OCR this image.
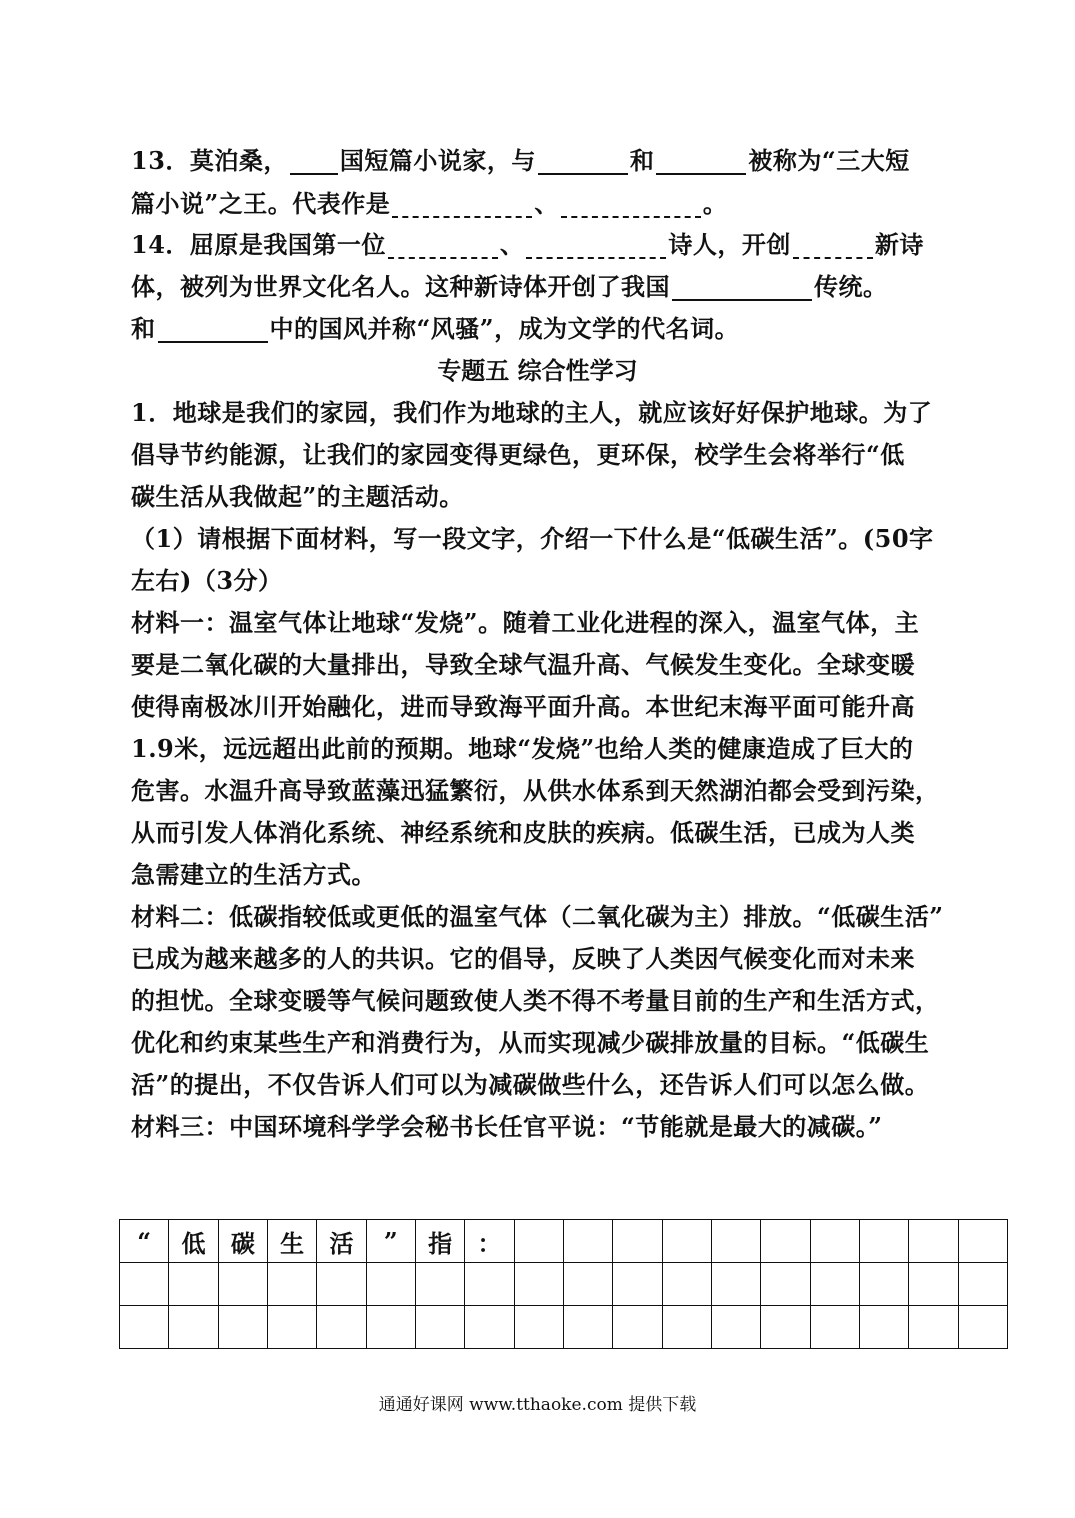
13．莫泊桑， 国短篇小说家，与	和	被称为“三大短
篇小说”之王。代表作是	、	。
14．屈原是我国第一位	、	诗人，开创	新诗
体，被列为世界文化名人。这种新诗体开创了我国	传统。
和	中的国风并称“风骚”，成为文学的代名词。
专题五 综合性学习
1．地球是我们的家园，我们作为地球的主人，就应该好好保护地球。为了
倡导节约能源，让我们的家园变得更绿色，更环保，校学生会将举行“低
碳生活从我做起”的主题活动。
（1）请根据下面材料，写一段文字，介绍一下什么是“低碳生活”。(50字
左右)（3分）
材料一：温室气体让地球“发烧”。随着工业化进程的深入，温室气体，主
要是二氧化碳的大量排出，导致全球气温升高、气候发生变化。全球变暖
使得南极冰川开始融化，进而导致海平面升高。本世纪末海平面可能升高
1.9米，远远超出此前的预期。地球“发烧”也给人类的健康造成了巨大的
危害。水温升高导致蓝藻迅猛繁衍，从供水体系到天然湖泊都会受到污染，
从而引发人体消化系统、神经系统和皮肤的疾病。低碳生活，已成为人类
急需建立的生活方式。
材料二：低碳指较低或更低的温室气体（二氧化碳为主）排放。“低碳生活”
已成为越来越多的人的共识。它的倡导，反映了人类因气候变化而对未来
的担忧。全球变暖等气候问题致使人类不得不考量目前的生产和生活方式，
优化和约束某些生产和消费行为，从而实现减少碳排放量的目标。“低碳生
活”的提出，不仅告诉人们可以为减碳做些什么，还告诉人们可以怎么做。
材料三：中国环境科学学会秘书长任官平说：“节能就是最大的减碳。”
“	低	碳	生	活	”	指	：										

通通好课网 www.tthaoke.com 提供下载
